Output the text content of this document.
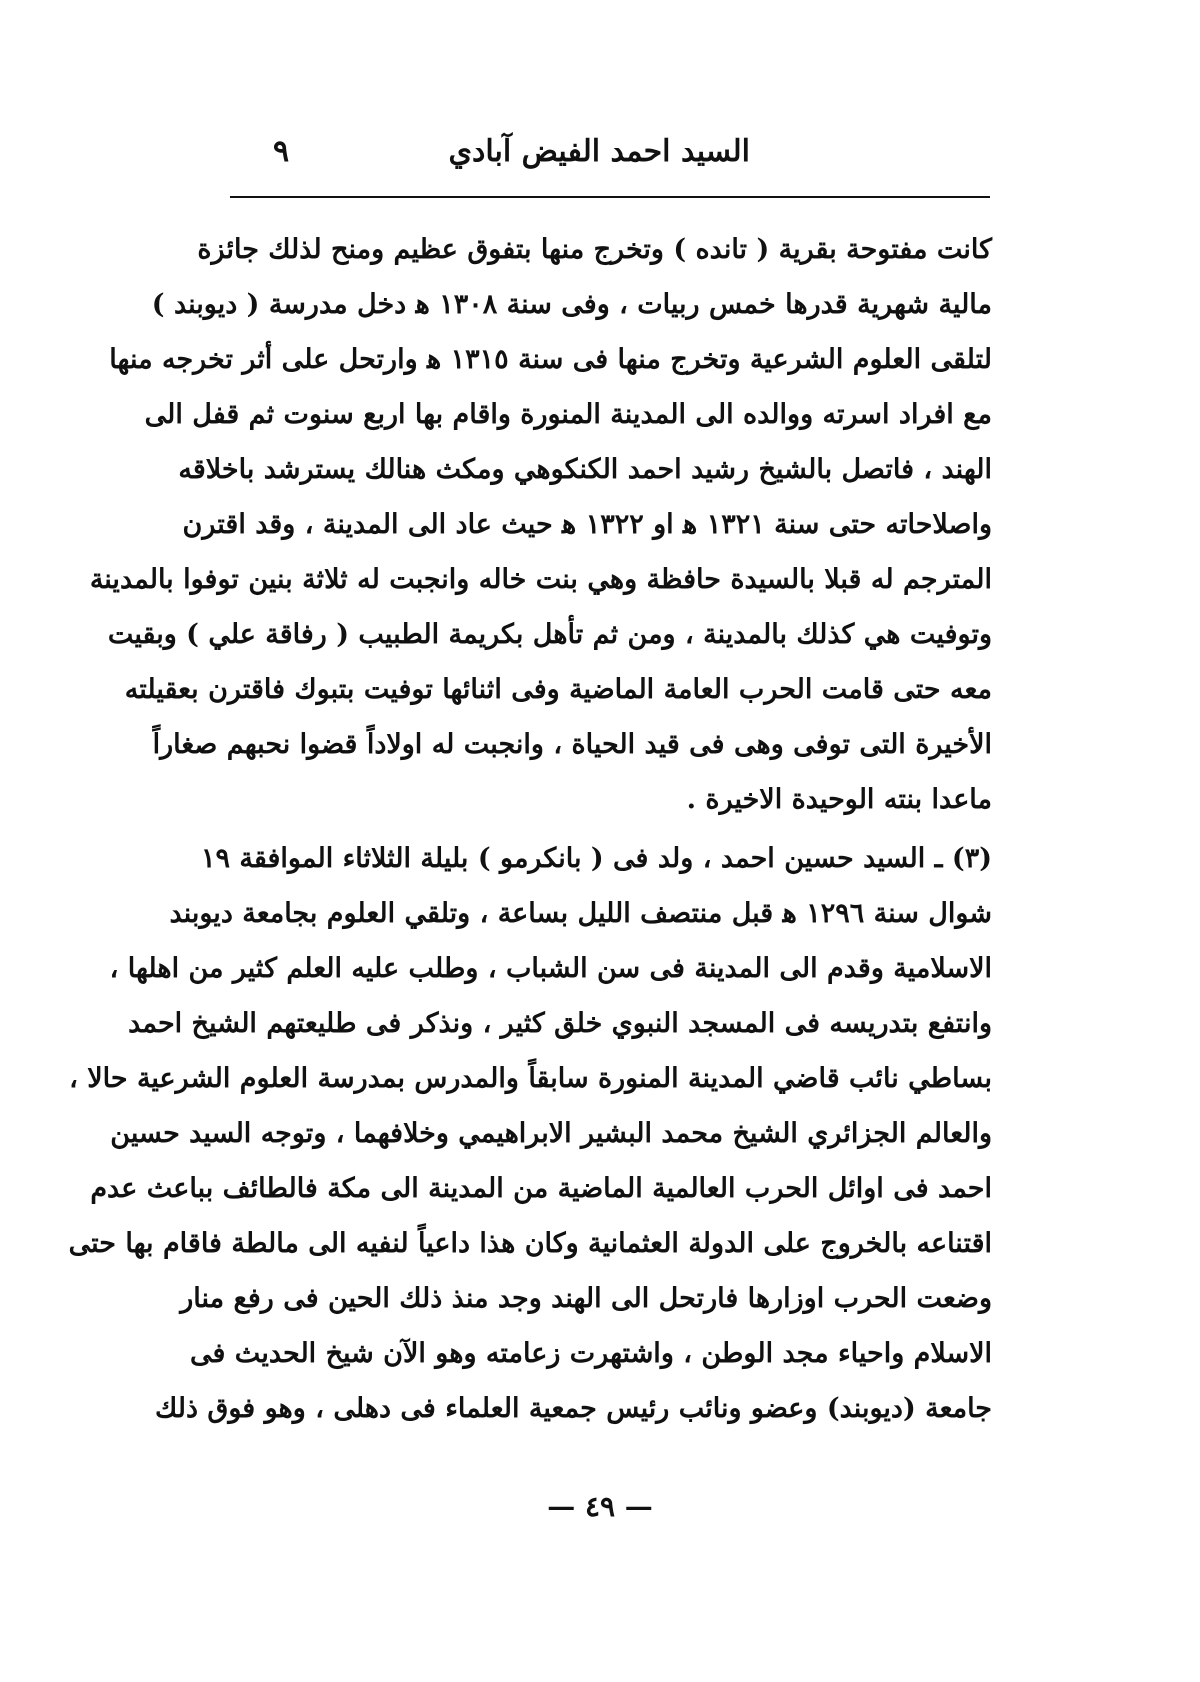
السيد احمد الفيض آبادي
٩
كانت مفتوحة بقرية ( تانده ) وتخرج منها بتفوق عظيم ومنح لذلك جائزة
مالية شهرية قدرها خمس ربيات ، وفى سنة ١٣٠٨ ﻫ دخل مدرسة ( ديوبند )
لتلقى العلوم الشرعية وتخرج منها فى سنة ١٣١٥ ﻫ وارتحل على أثر تخرجه منها
مع افراد اسرته ووالده الى المدينة المنورة واقام بها اربع سنوت ثم قفل الى
الهند ، فاتصل بالشيخ رشيد احمد الكنكوهي ومكث هنالك يسترشد باخلاقه
واصلاحاته حتى سنة ١٣٢١ ﻫ او ١٣٢٢ ﻫ حيث عاد الى المدينة ، وقد اقترن
المترجم له قبلا بالسيدة حافظة وهي بنت خاله وانجبت له ثلاثة بنين توفوا بالمدينة
وتوفيت هي كذلك بالمدينة ، ومن ثم تأهل بكريمة الطبيب ( رفاقة علي ) وبقيت
معه حتى قامت الحرب العامة الماضية وفى اثنائها توفيت بتبوك فاقترن بعقيلته
الأخيرة التى توفى وهى فى قيد الحياة ، وانجبت له اولاداً قضوا نحبهم صغاراً
ماعدا بنته الوحيدة الاخيرة .
(٣) ـ السيد حسين احمد ، ولد فى ( بانكرمو ) بليلة الثلاثاء الموافقة ١٩
شوال سنة ١٢٩٦ ﻫ قبل منتصف الليل بساعة ، وتلقي العلوم بجامعة ديوبند
الاسلامية وقدم الى المدينة فى سن الشباب ، وطلب عليه العلم كثير من اهلها ،
وانتفع بتدريسه فى المسجد النبوي خلق كثير ، ونذكر فى طليعتهم الشيخ احمد
بساطي نائب قاضي المدينة المنورة سابقاً والمدرس بمدرسة العلوم الشرعية حالا ،
والعالم الجزائري الشيخ محمد البشير الابراهيمي وخلافهما ، وتوجه السيد حسين
احمد فى اوائل الحرب العالمية الماضية من المدينة الى مكة فالطائف بباعث عدم
اقتناعه بالخروج على الدولة العثمانية وكان هذا داعياً لنفيه الى مالطة فاقام بها حتى
وضعت الحرب اوزارها فارتحل الى الهند وجد منذ ذلك الحين فى رفع منار
الاسلام واحياء مجد الوطن ، واشتهرت زعامته وهو الآن شيخ الحديث فى
جامعة (ديوبند) وعضو ونائب رئيس جمعية العلماء فى دهلى ، وهو فوق ذلك
— ٤٩ —
